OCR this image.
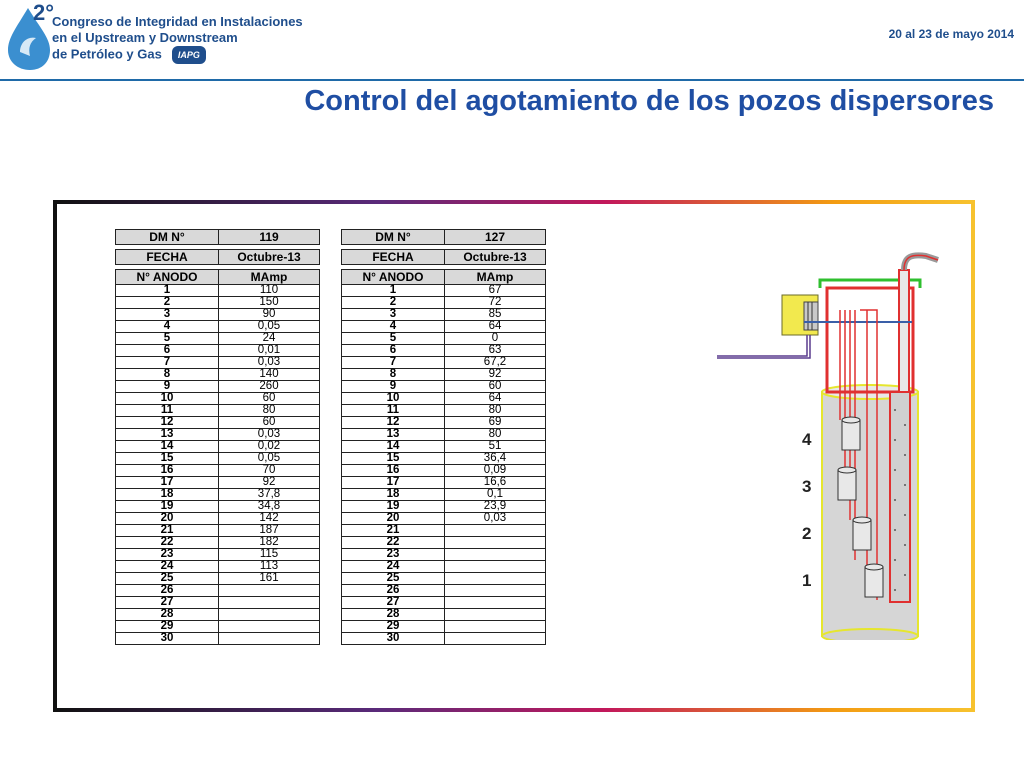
2°
Congreso de Integridad en Instalaciones
en el Upstream y Downstream
de Petróleo y Gas IAPG
20 al 23 de mayo 2014
Control del agotamiento de los pozos dispersores
DM N°	119

FECHA	Octubre-13

N° ANODO	MAmp
1	110
2	150
3	90
4	0,05
5	24
6	0,01
7	0,03
8	140
9	260
10	60
11	80
12	60
13	0,03
14	0,02
15	0,05
16	70
17	92
18	37,8
19	34,8
20	142
21	187
22	182
23	115
24	113
25	161
26	
27	
28	
29	
30	
DM N°	127

FECHA	Octubre-13

N° ANODO	MAmp
1	67
2	72
3	85
4	64
5	0
6	63
7	67,2
8	92
9	60
10	64
11	80
12	69
13	80
14	51
15	36,4
16	0,09
17	16,6
18	0,1
19	23,9
20	0,03
21	
22	
23	
24	
25	
26	
27	
28	
29	
30	
4
3
2
1
